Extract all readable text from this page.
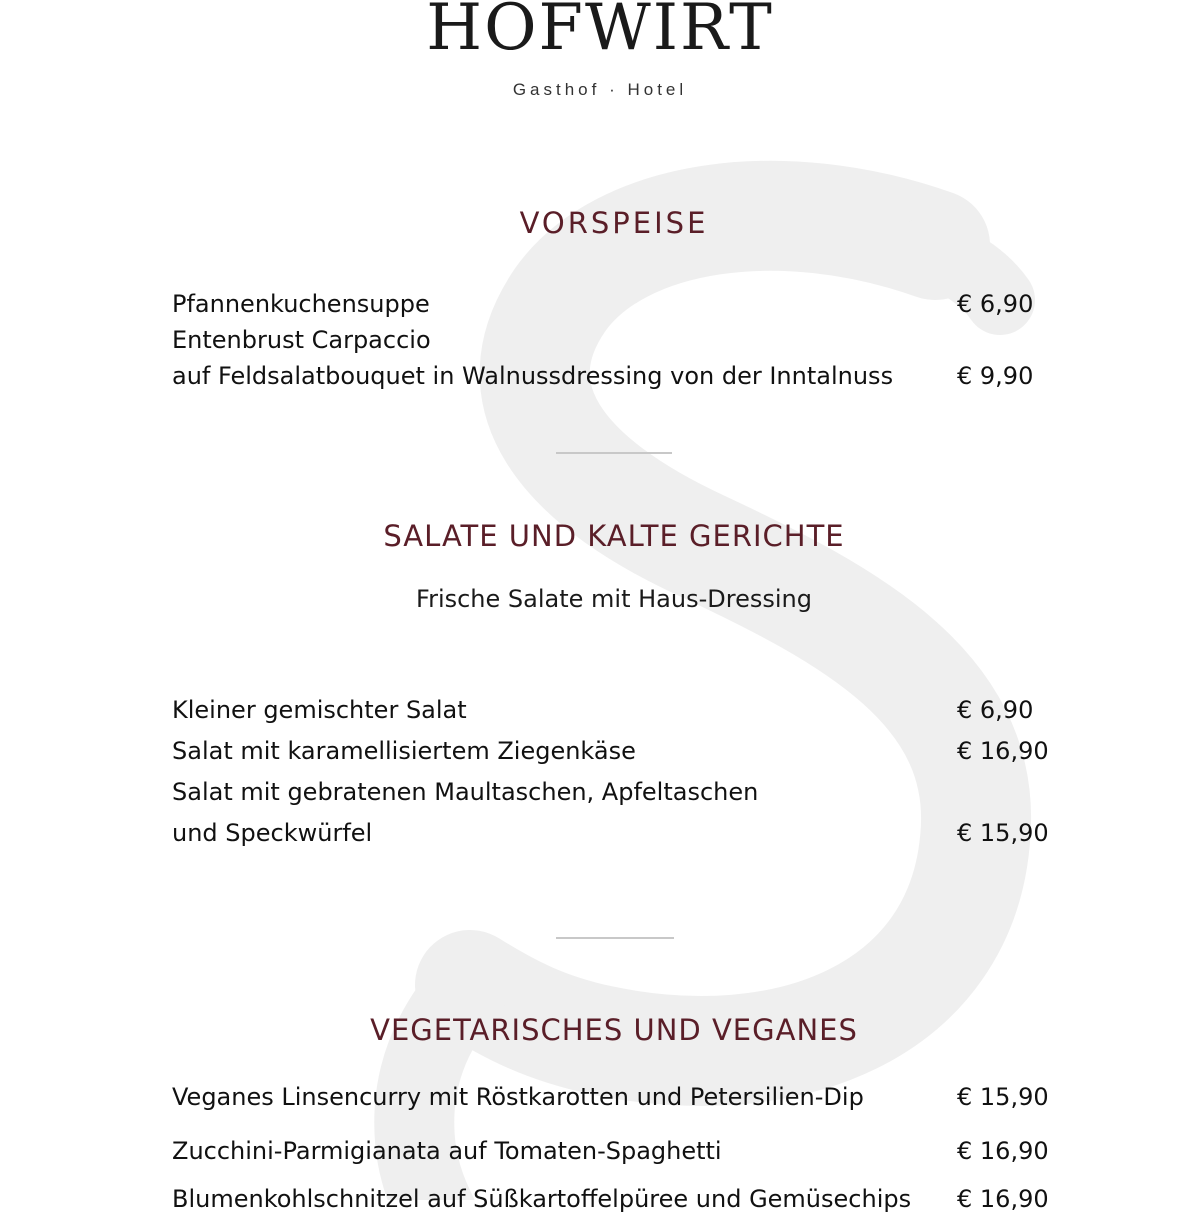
HOFWIRT
Gasthof · Hotel
VORSPEISE
Pfannenkuchensuppe	€ 6,90
Entenbrust Carpaccio
auf Feldsalatbouquet in Walnussdressing von der Inntalnuss	€ 9,90
SALATE UND KALTE GERICHTE
Frische Salate mit Haus-Dressing
Kleiner gemischter Salat	€ 6,90
Salat mit karamellisiertem Ziegenkäse	€ 16,90
Salat mit gebratenen Maultaschen, Apfeltaschen
und Speckwürfel	€ 15,90
VEGETARISCHES UND VEGANES
Veganes Linsencurry mit Röstkarotten und Petersilien-Dip	€ 15,90
Zucchini-Parmigianata auf Tomaten-Spaghetti	€ 16,90
Blumenkohlschnitzel auf Süßkartoffelpüree und Gemüsechips € 16,90
